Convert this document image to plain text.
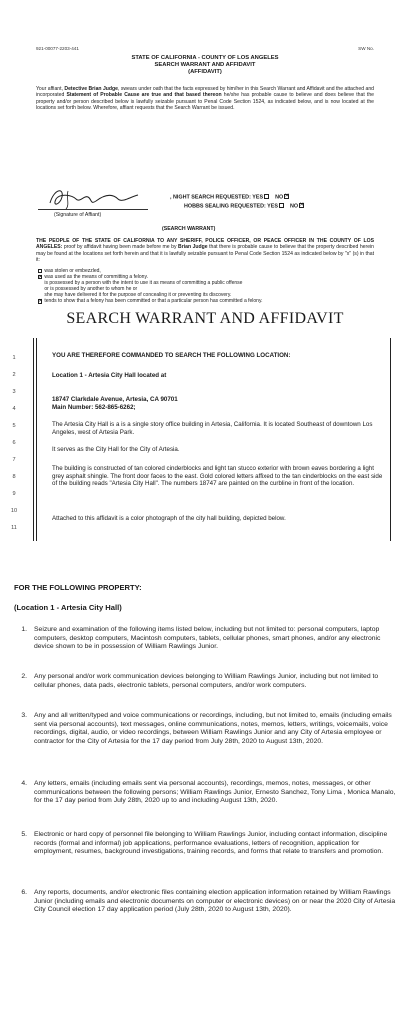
921-00077-2203-441	SW No.
STATE OF CALIFORNIA - COUNTY OF LOS ANGELES
SEARCH WARRANT AND AFFIDAVIT
(AFFIDAVIT)
Your affiant, Detective Brian Judge, swears under oath that the facts expressed by him/her in this Search Warrant and Affidavit and the attached and incorporated Statement of Probable Cause are true and that based thereon he/she has probable cause to believe and does believe that the property and/or person described below is lawfully seizable pursuant to Penal Code Section 1524, as indicated below, and is now located at the locations set forth below. Wherefore, affiant requests that the Search Warrant be issued.
(Signature of Affiant)
, NIGHT SEARCH REQUESTED: YES NO✕
HOBBS SEALING REQUESTED: YES NO✕
(SEARCH WARRANT)
THE PEOPLE OF THE STATE OF CALIFORNIA TO ANY SHERIFF, POLICE OFFICER, OR PEACE OFFICER IN THE COUNTY OF LOS ANGELES: proof by affidavit having been made before me by Brian Judge that there is probable cause to believe that the property described herein may be found at the locations set forth herein and that it is lawfully seizable pursuant to Penal Code Section 1524 as indicated below by "x" (s) in that it:
was stolen or embezzled,
✕
was used as the means of committing a felony.
is possessed by a person with the intent to use it as means of committing a public offense
or is possessed by another to whom he or
she may have delivered it for the purpose of concealing it or preventing its discovery.
✕
tends to show that a felony has been committed or that a particular person has committed a felony.
SEARCH WARRANT AND AFFIDAVIT
1
2
3
4
5
6
7
8
9
10
11
YOU ARE THEREFORE COMMANDED TO SEARCH THE FOLLOWING LOCATION:
Location 1 - Artesia City Hall located at
18747 Clarkdale Avenue, Artesia, CA 90701
Main Number: 562-865-6262;
The Artesia City Hall is a is a single story office building in Artesia, California. It is located Southeast of downtown Los Angeles, west of Artesia Park.
It serves as the City Hall for the City of Artesia.
The building is constructed of tan colored cinderblocks and light tan stucco exterior with brown eaves bordering a light grey asphalt shingle. The front door faces to the east. Gold colored letters affixed to the tan cinderblocks on the east side of the building reads "Artesia City Hall". The numbers 18747 are painted on the curbline in front of the location.
Attached to this affidavit is a color photograph of the city hall building, depicted below.
FOR THE FOLLOWING PROPERTY:
(Location 1 - Artesia City Hall)
1.	Seizure and examination of the following items listed below, including but not limited to: personal computers, laptop computers, desktop computers, Macintosh computers, tablets, cellular phones, smart phones, and/or any electronic device shown to be in possession of William Rawlings Junior.
2.	Any personal and/or work communication devices belonging to William Rawlings Junior, including but not limited to cellular phones, data pads, electronic tablets, personal computers, and/or work computers.
3.	Any and all written/typed and voice communications or recordings, including, but not limited to, emails (including emails sent via personal accounts), text messages, online communications, notes, memos, letters, writings, voicemails, voice recordings, digital, audio, or video recordings, between William Rawlings Junior and any City of Artesia employee or contractor for the City of Artesia for the 17 day period from July 28th, 2020 to August 13th, 2020.
4.	Any letters, emails (including emails sent via personal accounts), recordings, memos, notes, messages, or other communications between the following persons; William Rawlings Junior, Ernesto Sanchez, Tony Lima , Monica Manalo, for the 17 day period from July 28th, 2020 up to and including August 13th, 2020.
5.	Electronic or hard copy of personnel file belonging to William Rawlings Junior, including contact information, discipline records (formal and informal) job applications, performance evaluations, letters of recognition, application for employment, resumes, background investigations, training records, and forms that relate to transfers and promotion.
6.	Any reports, documents, and/or electronic files containing election application information retained by William Rawlings Junior (including emails and electronic documents on computer or electronic devices) on or near the 2020 City of Artesia City Council election 17 day application period (July 28th, 2020 to August 13th, 2020).
